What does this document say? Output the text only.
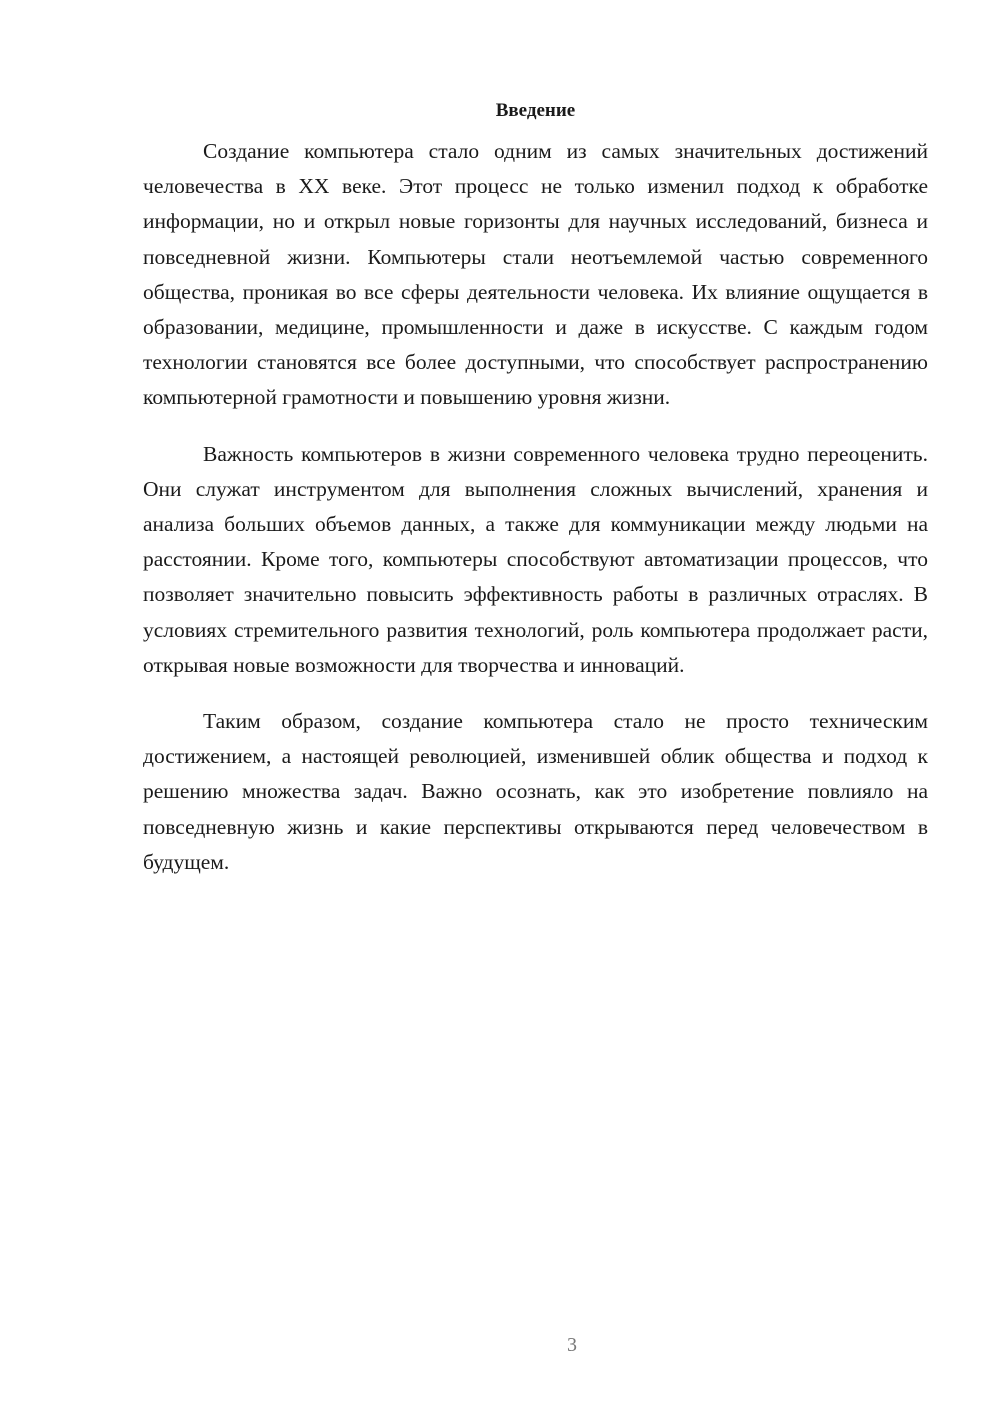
Введение

Создание компьютера стало одним из самых значительных достижений человечества в XX веке. Этот процесс не только изменил подход к обработке информации, но и открыл новые горизонты для научных исследований, бизнеса и повседневной жизни. Компьютеры стали неотъемлемой частью современного общества, проникая во все сферы деятельности человека. Их влияние ощущается в образовании, медицине, промышленности и даже в искусстве. С каждым годом технологии становятся все более доступными, что способствует распространению компьютерной грамотности и повышению уровня жизни.

Важность компьютеров в жизни современного человека трудно переоценить. Они служат инструментом для выполнения сложных вычислений, хранения и анализа больших объемов данных, а также для коммуникации между людьми на расстоянии. Кроме того, компьютеры способствуют автоматизации процессов, что позволяет значительно повысить эффективность работы в различных отраслях. В условиях стремительного развития технологий, роль компьютера продолжает расти, открывая новые возможности для творчества и инноваций.

Таким образом, создание компьютера стало не просто техническим достижением, а настоящей революцией, изменившей облик общества и подход к решению множества задач. Важно осознать, как это изобретение повлияло на повседневную жизнь и какие перспективы открываются перед человечеством в будущем.

3
